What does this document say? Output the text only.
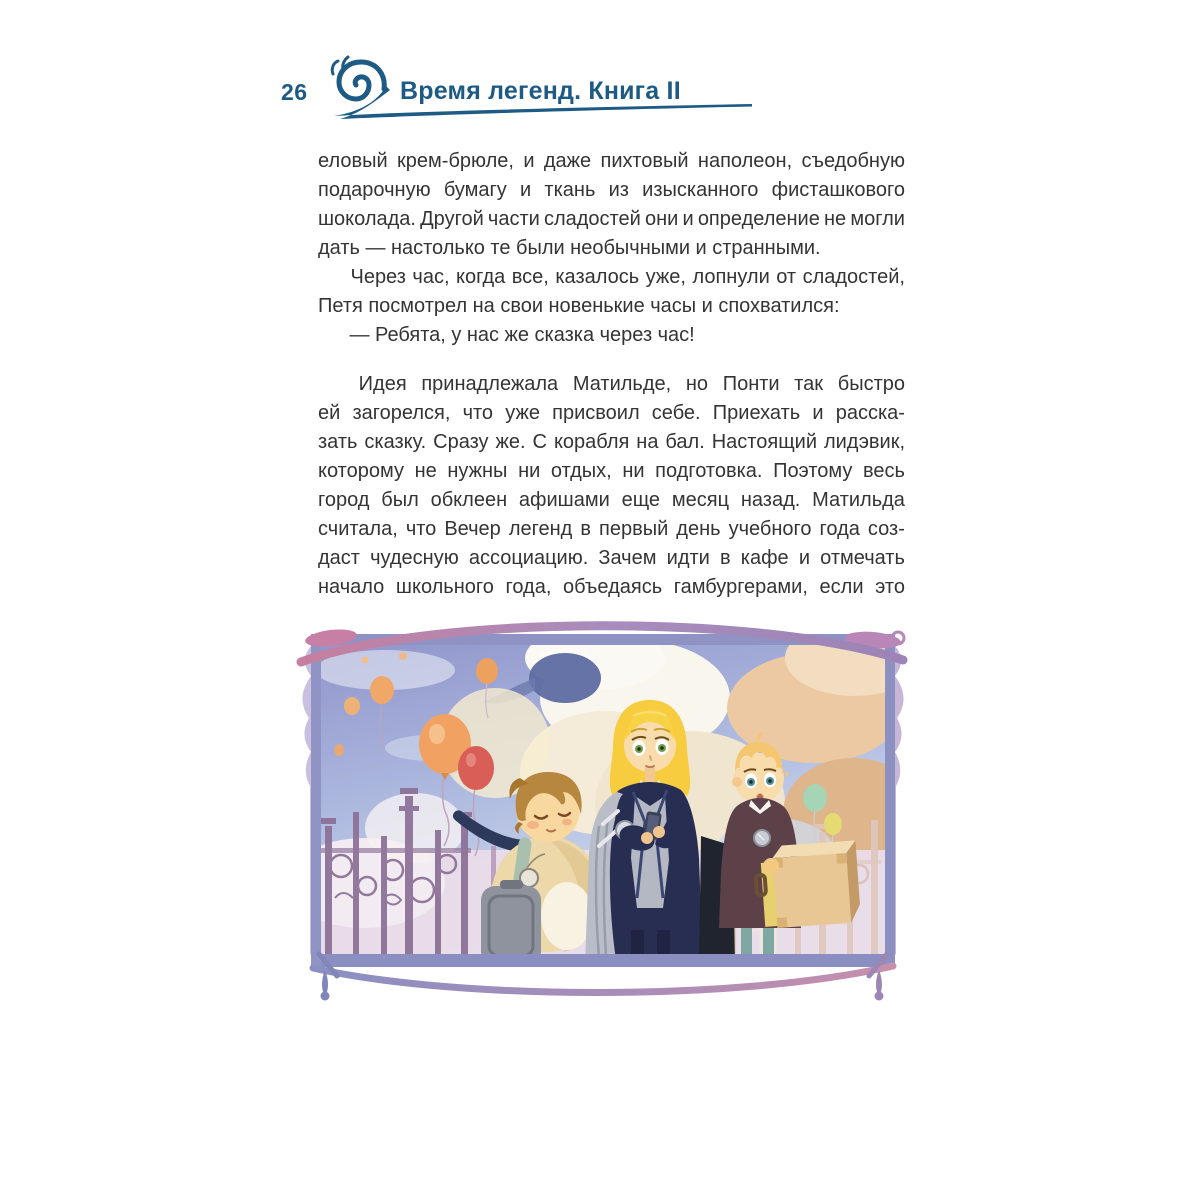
26	Время легенд. Книга II
еловый крем-брюле, и даже пихтовый наполеон, съедобную
подарочную бумагу и ткань из изысканного фисташкового
шоколада. Другой части сладостей они и определение не могли
дать — настолько те были необычными и странными.
Через час, когда все, казалось уже, лопнули от сладостей,
Петя посмотрел на свои новенькие часы и спохватился:
— Ребята, у нас же сказка через час!
Идея принадлежала Матильде, но Понти так быстро
ей загорелся, что уже присвоил себе. Приехать и расска-
зать сказку. Сразу же. С корабля на бал. Настоящий лидэвик,
которому не нужны ни отдых, ни подготовка. Поэтому весь
город был обклеен афишами еще месяц назад. Матильда
считала, что Вечер легенд в первый день учебного года соз-
даст чудесную ассоциацию. Зачем идти в кафе и отмечать
начало школьного года, объедаясь гамбургерами, если это
